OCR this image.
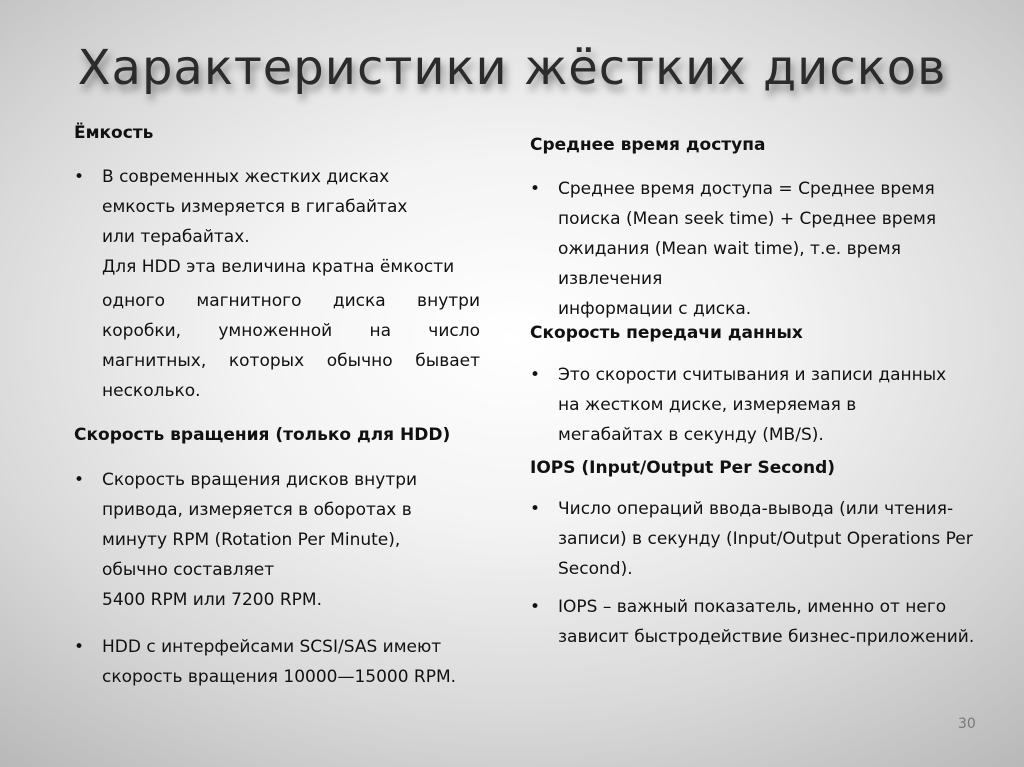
Характеристики жёстких дисков
Ёмкость
•	В современных жестких дисках
емкость измеряется в гигабайтах
или терабайтах.
Для HDD эта величина кратна ёмкости
одного магнитного диска внутри коробки, умноженной на число магнитных, которых обычно бывает несколько.
Скорость вращения (только для HDD)
•	Скорость вращения дисков внутри
привода, измеряется в оборотах в
минуту RPM (Rotation Per Minute),
обычно составляет
5400 RPM или 7200 RPM.
•	HDD с интерфейсами SCSI/SAS имеют
скорость вращения 10000—15000 RPM.
Среднее время доступа
•	Среднее время доступа = Среднее время
поиска (Mean seek time) + Среднее время
ожидания (Mean wait time), т.е. время
извлечения
информации с диска.
Скорость передачи данных
•	Это скорости считывания и записи данных
на жестком диске, измеряемая в
мегабайтах в секунду (MB/S).
IOPS (Input/Output Per Second)
•	Число операций ввода-вывода (или чтения-
записи) в секунду (Input/Output Operations Per
Second).
•	IOPS – важный показатель, именно от него
зависит быстродействие бизнес-приложений.
30
